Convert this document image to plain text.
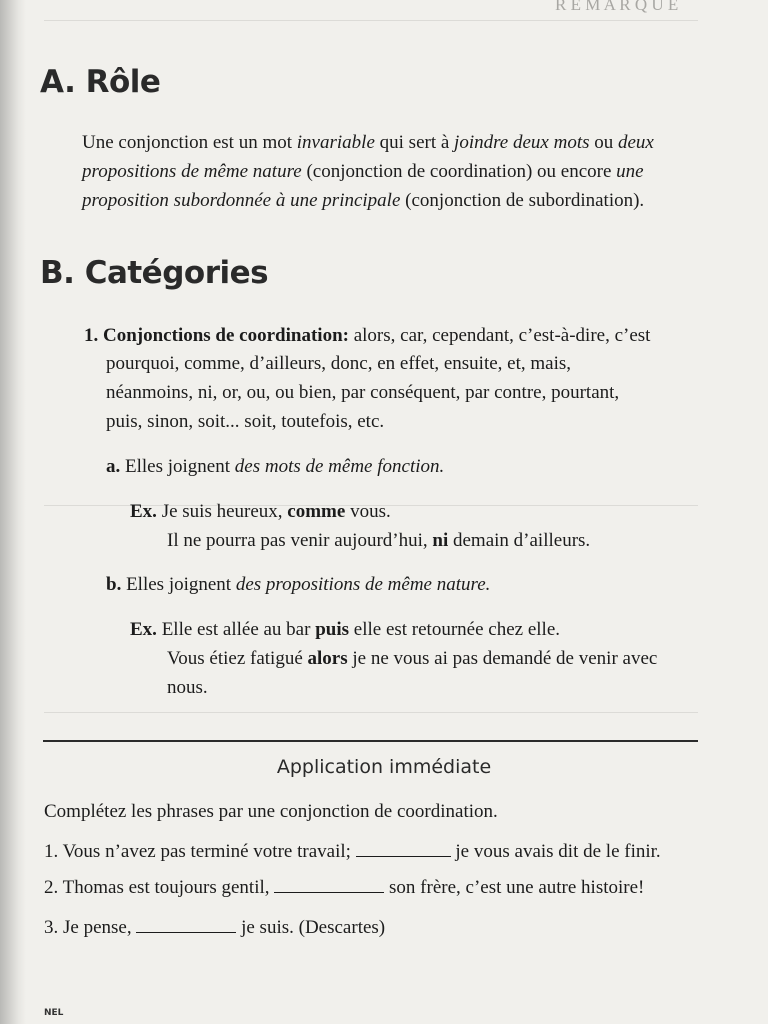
R E M A R Q U E
A. Rôle

Une conjonction est un mot invariable qui sert à joindre deux mots ou deux propositions de même nature (conjonction de coordination) ou encore une proposition subordonnée à une principale (conjonction de subordination).

B. Catégories
1. Conjonctions de coordination: alors, car, cependant, c’est-à-dire, c’est
pourquoi, comme, d’ailleurs, donc, en effet, ensuite, et, mais,
néanmoins, ni, or, ou, ou bien, par conséquent, par contre, pourtant,
puis, sinon, soit... soit, toutefois, etc.
a. Elles joignent des mots de même fonction.
Ex. Je suis heureux, comme vous.
Il ne pourra pas venir aujourd’hui, ni demain d’ailleurs.
b. Elles joignent des propositions de même nature.
Ex. Elle est allée au bar puis elle est retournée chez elle.
Vous étiez fatigué alors je ne vous ai pas demandé de venir avec
nous.
Application immédiate
Complétez les phrases par une conjonction de coordination.
1. Vous n’avez pas terminé votre travail;	je vous avais dit de le finir.
2. Thomas est toujours gentil,	son frère, c’est une autre histoire!
3. Je pense,	je suis. (Descartes)
NEL
